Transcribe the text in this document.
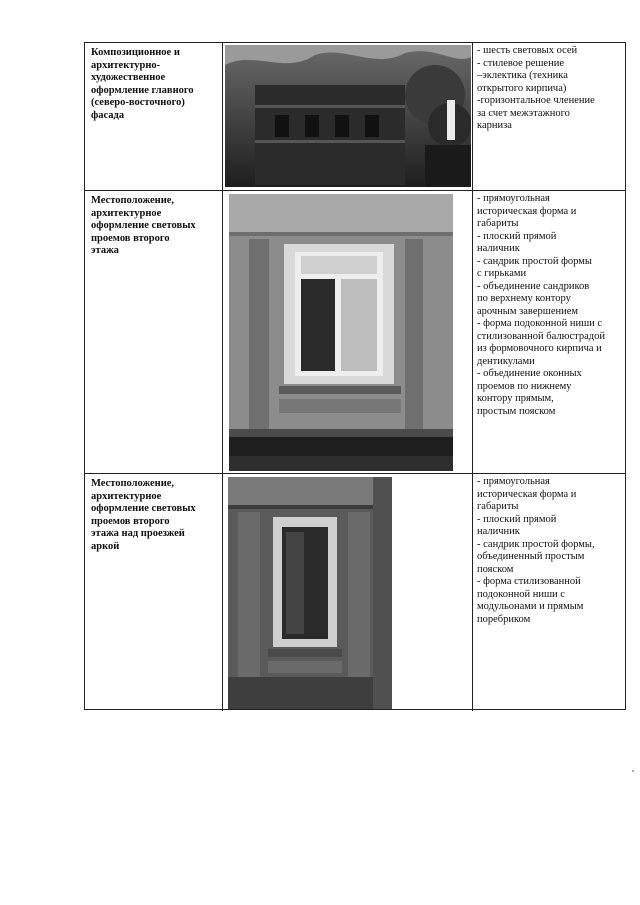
Композиционное и
архитектурно-
художественное
оформление главного
(северо-восточного)
фасада
- шесть световых осей
- стилевое решение
–эклектика (техника
открытого кирпича)
-горизонтальное членение
за счет межэтажного
карниза
Местоположение,
архитектурное
оформление световых
проемов второго
этажа
- прямоугольная
историческая форма и
габариты
- плоский прямой
наличник
- сандрик простой формы
с гирьками
- объединение сандриков
по верхнему контору
арочным завершением
- форма подоконной ниши с
стилизованной балюстрадой
из формовочного кирпича и
дентикулами
- объединение оконных
проемов по нижнему
контору прямым,
простым пояском
Местоположение,
архитектурное
оформление световых
проемов второго
этажа над проезжей
аркой
- прямоугольная
историческая форма и
габариты
- плоский прямой
наличник
- сандрик простой формы,
объединенный простым
пояском
- форма стилизованной
подоконной ниши с
модульонами и прямым
поребриком
